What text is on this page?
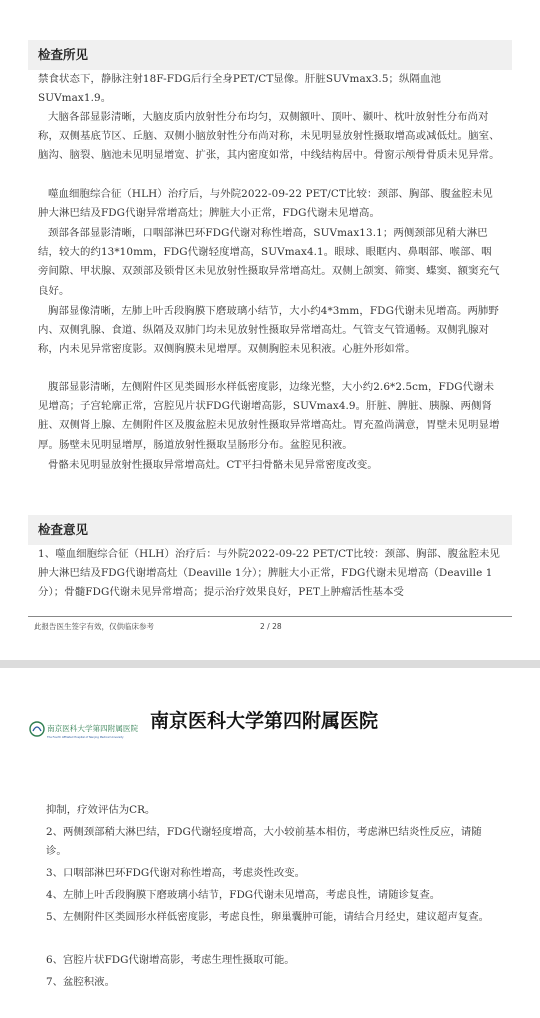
检查所见

禁食状态下，静脉注射18F-FDG后行全身PET/CT显像。肝脏SUVmax3.5；纵隔血池SUVmax1.9。

大脑各部显影清晰，大脑皮质内放射性分布均匀，双侧额叶、顶叶、颞叶、枕叶放射性分布尚对称，双侧基底节区、丘脑、双侧小脑放射性分布尚对称，未见明显放射性摄取增高或减低灶。脑室、脑沟、脑裂、脑池未见明显增宽、扩张，其内密度如常，中线结构居中。骨窗示颅骨骨质未见异常。

噬血细胞综合征（HLH）治疗后，与外院2022-09-22 PET/CT比较：颈部、胸部、腹盆腔未见肿大淋巴结及FDG代谢异常增高灶；脾脏大小正常，FDG代谢未见增高。

颈部各部显影清晰，口咽部淋巴环FDG代谢对称性增高，SUVmax13.1；两侧颈部见稍大淋巴结，较大的约13*10mm，FDG代谢轻度增高，SUVmax4.1。眼球、眼眶内、鼻咽部、喉部、咽旁间隙、甲状腺、双颈部及锁骨区未见放射性摄取异常增高灶。双侧上颌窦、筛窦、蝶窦、额窦充气良好。

胸部显像清晰，左肺上叶舌段胸膜下磨玻璃小结节，大小约4*3mm，FDG代谢未见增高。两肺野内、双侧乳腺、食道、纵隔及双肺门均未见放射性摄取异常增高灶。气管支气管通畅。双侧乳腺对称，内未见异常密度影。双侧胸膜未见增厚。双侧胸腔未见积液。心脏外形如常。

腹部显影清晰，左侧附件区见类圆形水样低密度影，边缘光整，大小约2.6*2.5cm，FDG代谢未见增高；子宫轮廓正常，宫腔见片状FDG代谢增高影，SUVmax4.9。肝脏、脾脏、胰腺、两侧肾脏、双侧肾上腺、左侧附件区及腹盆腔未见放射性摄取异常增高灶。胃充盈尚满意，胃壁未见明显增厚。肠壁未见明显增厚，肠道放射性摄取呈肠形分布。盆腔见积液。

骨骼未见明显放射性摄取异常增高灶。CT平扫骨骼未见异常密度改变。

检查意见

1、噬血细胞综合征（HLH）治疗后：与外院2022-09-22 PET/CT比较：颈部、胸部、腹盆腔未见肿大淋巴结及FDG代谢增高灶（Deaville 1分）；脾脏大小正常，FDG代谢未见增高（Deaville 1分）；骨髓FDG代谢未见异常增高；提示治疗效果良好，PET上肿瘤活性基本受

此报告医生签字有效，仅供临床参考	2 / 28
南京医科大学第四附属医院
The Fourth Affiliated Hospital of Nanjing Medical University
南京医科大学第四附属医院

抑制，疗效评估为CR。

2、两侧颈部稍大淋巴结，FDG代谢轻度增高，大小较前基本相仿，考虑淋巴结炎性反应，请随诊。

3、口咽部淋巴环FDG代谢对称性增高，考虑炎性改变。

4、左肺上叶舌段胸膜下磨玻璃小结节，FDG代谢未见增高，考虑良性，请随诊复查。

5、左侧附件区类圆形水样低密度影，考虑良性，卵巢囊肿可能，请结合月经史，建议超声复查。

6、宫腔片状FDG代谢增高影，考虑生理性摄取可能。

7、盆腔积液。
